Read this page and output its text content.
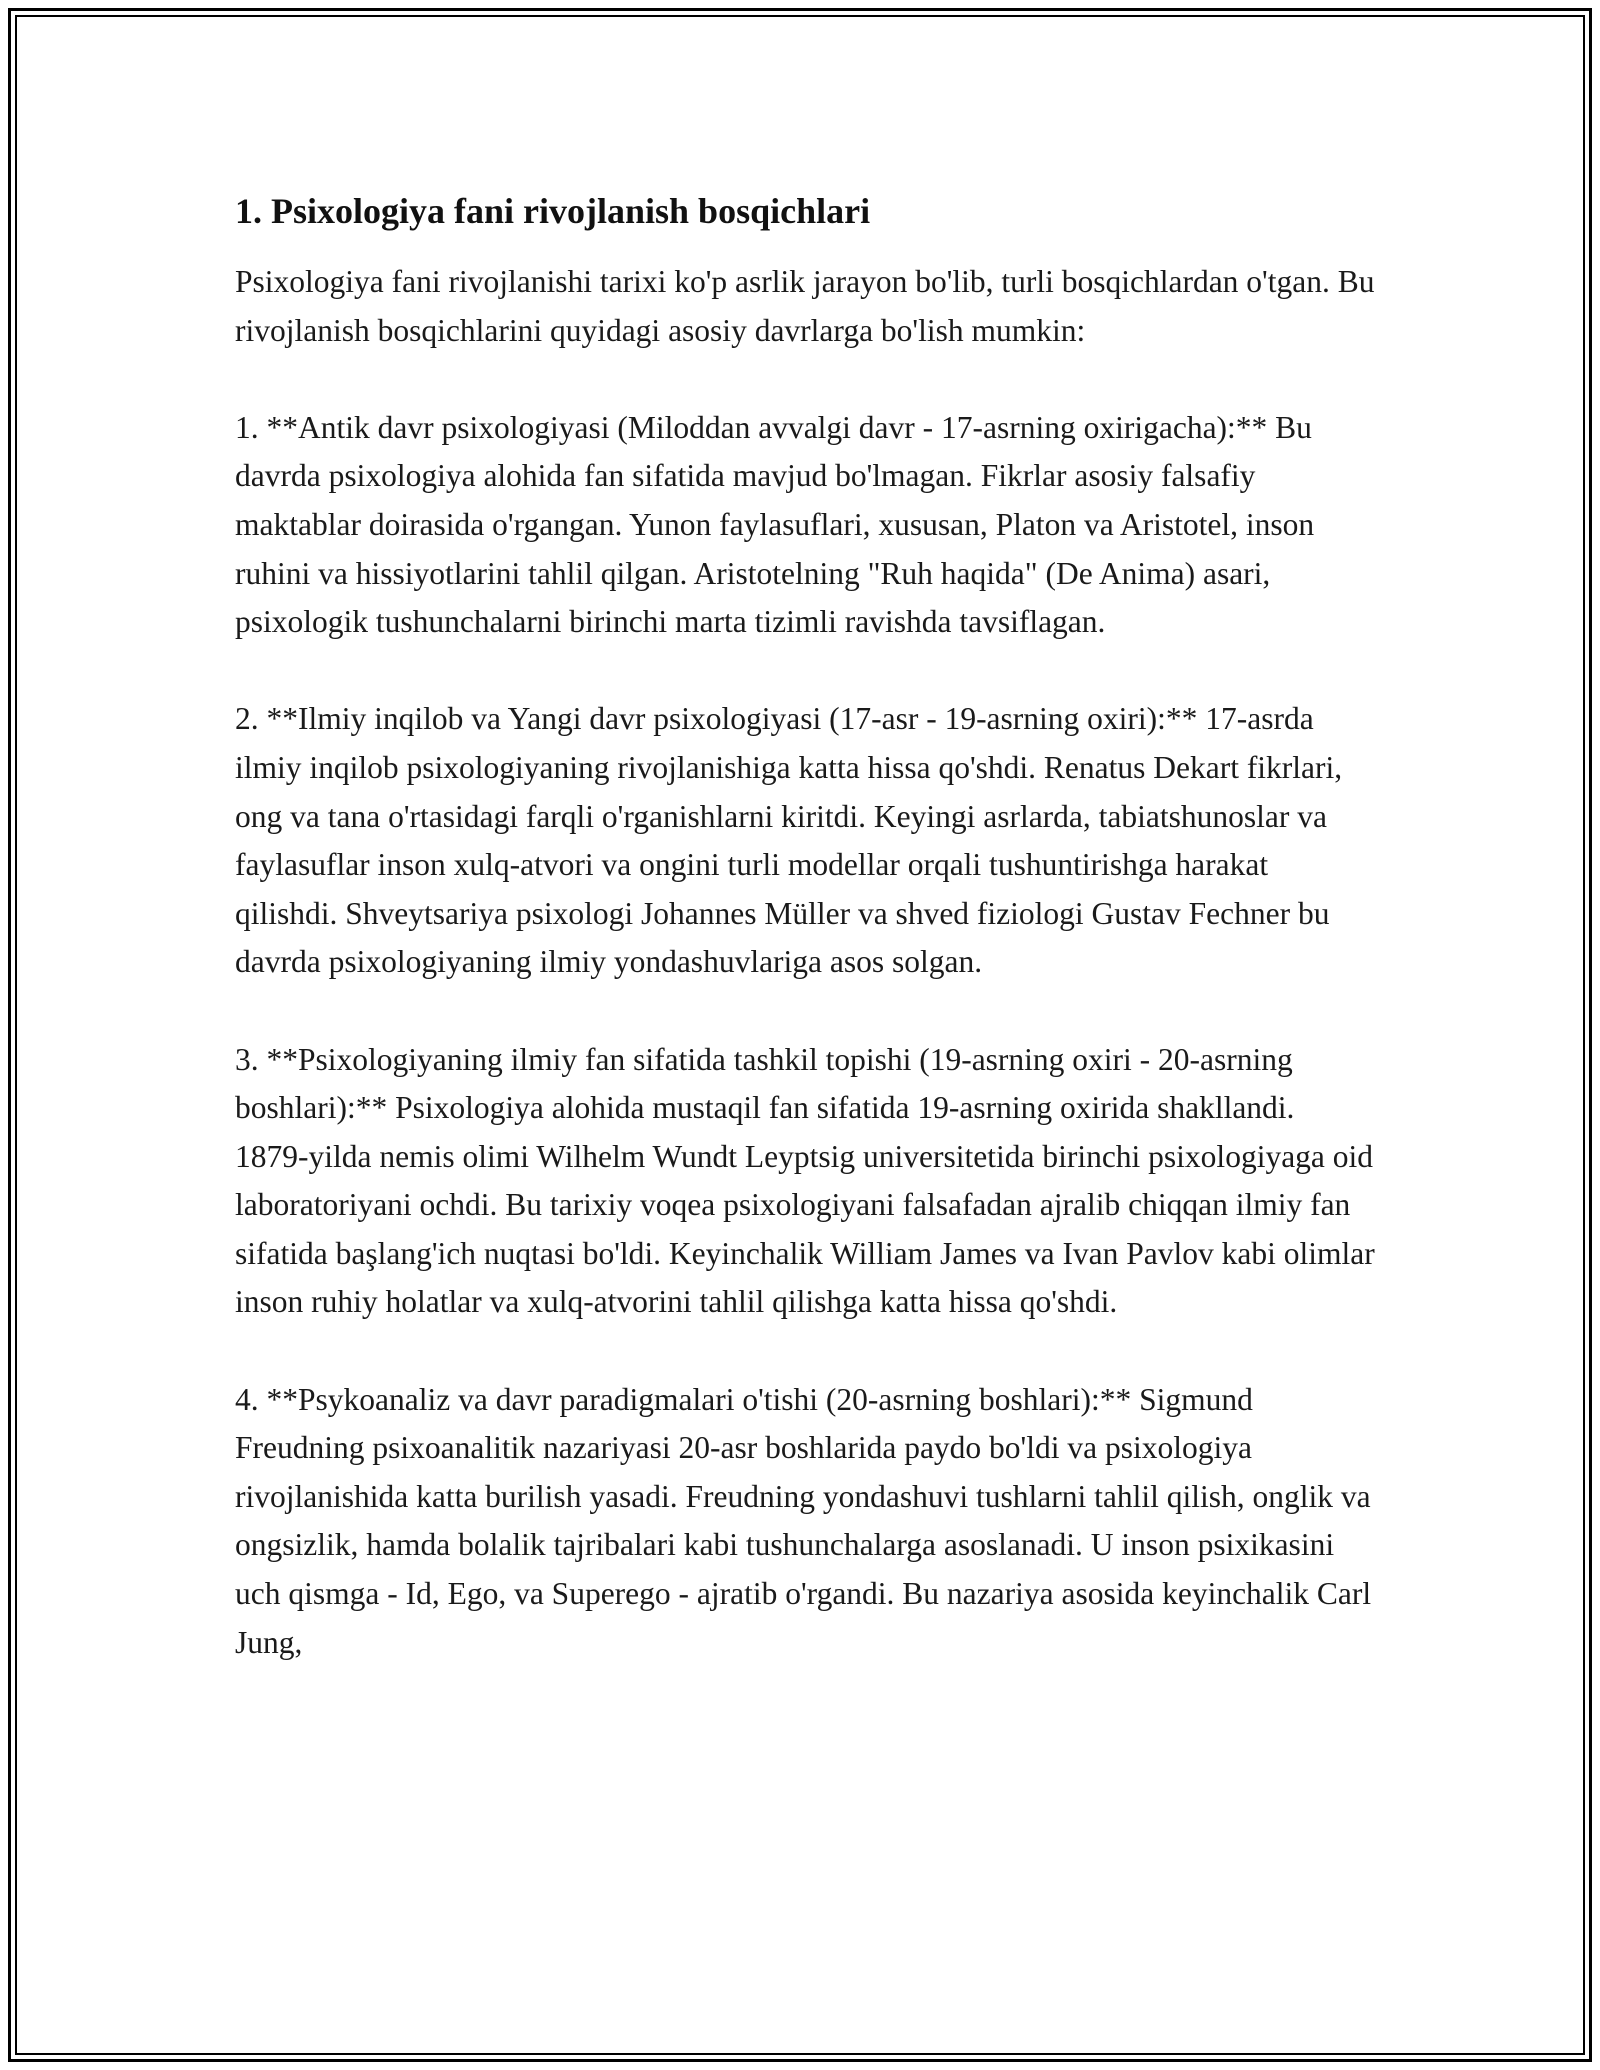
1. Psixologiya fani rivojlanish bosqichlari

Psixologiya fani rivojlanishi tarixi ko'p asrlik jarayon bo'lib, turli bosqichlardan o'tgan. Bu rivojlanish bosqichlarini quyidagi asosiy davrlarga bo'lish mumkin:

1. **Antik davr psixologiyasi (Miloddan avvalgi davr - 17-asrning oxirigacha):** Bu davrda psixologiya alohida fan sifatida mavjud bo'lmagan. Fikrlar asosiy falsafiy maktablar doirasida o'rgangan. Yunon faylasuflari, xususan, Platon va Aristotel, inson ruhini va hissiyotlarini tahlil qilgan. Aristotelning "Ruh haqida" (De Anima) asari, psixologik tushunchalarni birinchi marta tizimli ravishda tavsiflagan.

2. **Ilmiy inqilob va Yangi davr psixologiyasi (17-asr - 19-asrning oxiri):** 17-asrda ilmiy inqilob psixologiyaning rivojlanishiga katta hissa qo'shdi. Renatus Dekart fikrlari, ong va tana o'rtasidagi farqli o'rganishlarni kiritdi. Keyingi asrlarda, tabiatshunoslar va faylasuflar inson xulq-atvori va ongini turli modellar orqali tushuntirishga harakat qilishdi. Shveytsariya psixologi Johannes Müller va shved fiziologi Gustav Fechner bu davrda psixologiyaning ilmiy yondashuvlariga asos solgan.

3. **Psixologiyaning ilmiy fan sifatida tashkil topishi (19-asrning oxiri - 20-asrning boshlari):** Psixologiya alohida mustaqil fan sifatida 19-asrning oxirida shakllandi. 1879-yilda nemis olimi Wilhelm Wundt Leyptsig universitetida birinchi psixologiyaga oid laboratoriyani ochdi. Bu tarixiy voqea psixologiyani falsafadan ajralib chiqqan ilmiy fan sifatida başlang'ich nuqtasi bo'ldi. Keyinchalik William James va Ivan Pavlov kabi olimlar inson ruhiy holatlar va xulq-atvorini tahlil qilishga katta hissa qo'shdi.

4. **Psykoanaliz va davr paradigmalari o'tishi (20-asrning boshlari):** Sigmund Freudning psixoanalitik nazariyasi 20-asr boshlarida paydo bo'ldi va psixologiya rivojlanishida katta burilish yasadi. Freudning yondashuvi tushlarni tahlil qilish, onglik va ongsizlik, hamda bolalik tajribalari kabi tushunchalarga asoslanadi. U inson psixikasini uch qismga - Id, Ego, va Superego - ajratib o'rgandi. Bu nazariya asosida keyinchalik Carl Jung,
